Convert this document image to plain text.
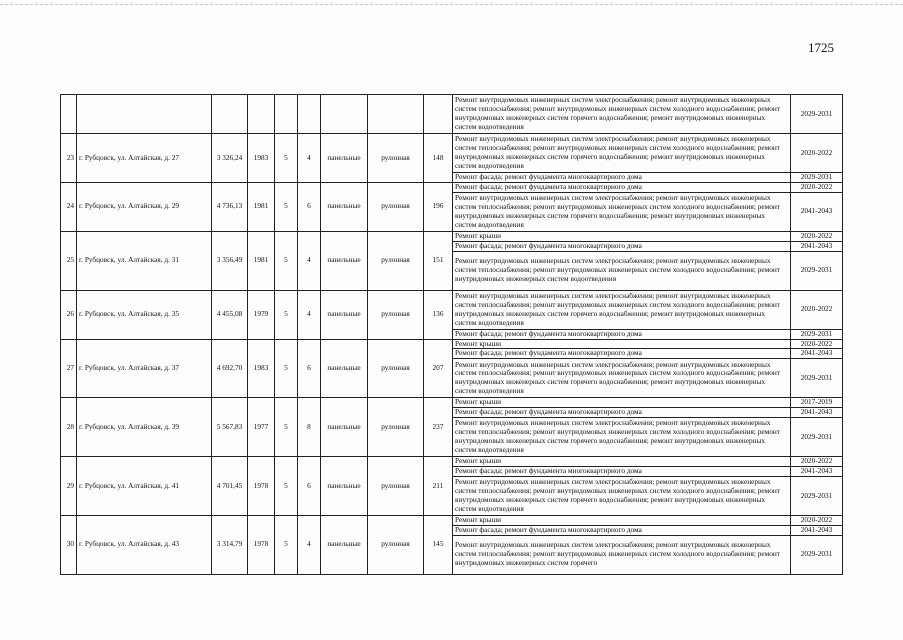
1725
									Ремонт внутридомовых инженерных систем электроснабжения; ремонт внутридомовых инженерных систем теплоснабжения; ремонт внутридомовых инженерных систем холодного водоснабжения; ремонт внутридомовых инженерных систем горячего водоснабжения; ремонт внутридомовых инженерных систем водоотведения	2029-2031
23	г. Рубцовск, ул. Алтайская, д. 27	3 326,24	1983	5	4	панельные	рулонная	148	Ремонт внутридомовых инженерных систем электроснабжения; ремонт внутридомовых инженерных систем теплоснабжения; ремонт внутридомовых инженерных систем холодного водоснабжения; ремонт внутридомовых инженерных систем горячего водоснабжения; ремонт внутридомовых инженерных систем водоотведения	2020-2022
									Ремонт фасада; ремонт фундамента многоквартирного дома	2029-2031
24	г. Рубцовск, ул. Алтайская, д. 29	4 736,13	1981	5	6	панельные	рулонная	196	Ремонт фасада; ремонт фундамента многоквартирного дома	2020-2022
									Ремонт внутридомовых инженерных систем электроснабжения; ремонт внутридомовых инженерных систем теплоснабжения; ремонт внутридомовых инженерных систем холодного водоснабжения; ремонт внутридомовых инженерных систем горячего водоснабжения; ремонт внутридомовых инженерных систем водоотведения	2041-2043
25	г. Рубцовск, ул. Алтайская, д. 31	3 356,49	1981	5	4	панельные	рулонная	151	Ремонт крыши	2020-2022
									Ремонт фасада; ремонт фундамента многоквартирного дома	2041-2043
									Ремонт внутридомовых инженерных систем электроснабжения; ремонт внутридомовых инженерных систем теплоснабжения; ремонт внутридомовых инженерных систем холодного водоснабжения; ремонт внутридомовых инженерных систем водоотведения	2029-2031
26	г. Рубцовск, ул. Алтайская, д. 35	4 455,08	1979	5	4	панельные	рулонная	136	Ремонт внутридомовых инженерных систем электроснабжения; ремонт внутридомовых инженерных систем теплоснабжения; ремонт внутридомовых инженерных систем холодного водоснабжения; ремонт внутридомовых инженерных систем горячего водоснабжения; ремонт внутридомовых инженерных систем водоотведения	2020-2022
									Ремонт фасада; ремонт фундамента многоквартирного дома	2029-2031
27	г. Рубцовск, ул. Алтайская, д. 37	4 692,70	1983	5	6	панельные	рулонная	207	Ремонт крыши	2020-2022
									Ремонт фасада; ремонт фундамента многоквартирного дома	2041-2043
									Ремонт внутридомовых инженерных систем электроснабжения; ремонт внутридомовых инженерных систем теплоснабжения; ремонт внутридомовых инженерных систем холодного водоснабжения; ремонт внутридомовых инженерных систем горячего водоснабжения; ремонт внутридомовых инженерных систем водоотведения	2029-2031
28	г. Рубцовск, ул. Алтайская, д. 39	5 567,83	1977	5	8	панельные	рулонная	237	Ремонт крыши	2017-2019
									Ремонт фасада; ремонт фундамента многоквартирного дома	2041-2043
									Ремонт внутридомовых инженерных систем электроснабжения; ремонт внутридомовых инженерных систем теплоснабжения; ремонт внутридомовых инженерных систем холодного водоснабжения; ремонт внутридомовых инженерных систем горячего водоснабжения; ремонт внутридомовых инженерных систем водоотведения	2029-2031
29	г. Рубцовск, ул. Алтайская, д. 41	4 701,45	1978	5	6	панельные	рулонная	211	Ремонт крыши	2020-2022
									Ремонт фасада; ремонт фундамента многоквартирного дома	2041-2043
									Ремонт внутридомовых инженерных систем электроснабжения; ремонт внутридомовых инженерных систем теплоснабжения; ремонт внутридомовых инженерных систем холодного водоснабжения; ремонт внутридомовых инженерных систем горячего водоснабжения; ремонт внутридомовых инженерных систем водоотведения	2029-2031
30	г. Рубцовск, ул. Алтайская, д. 43	3 314,79	1978	5	4	панельные	рулонная	145	Ремонт крыши	2020-2022
									Ремонт фасада; ремонт фундамента многоквартирного дома	2041-2043
									Ремонт внутридомовых инженерных систем электроснабжения; ремонт внутридомовых инженерных систем теплоснабжения; ремонт внутридомовых инженерных систем холодного водоснабжения; ремонт внутридомовых инженерных систем горячего	2029-2031
